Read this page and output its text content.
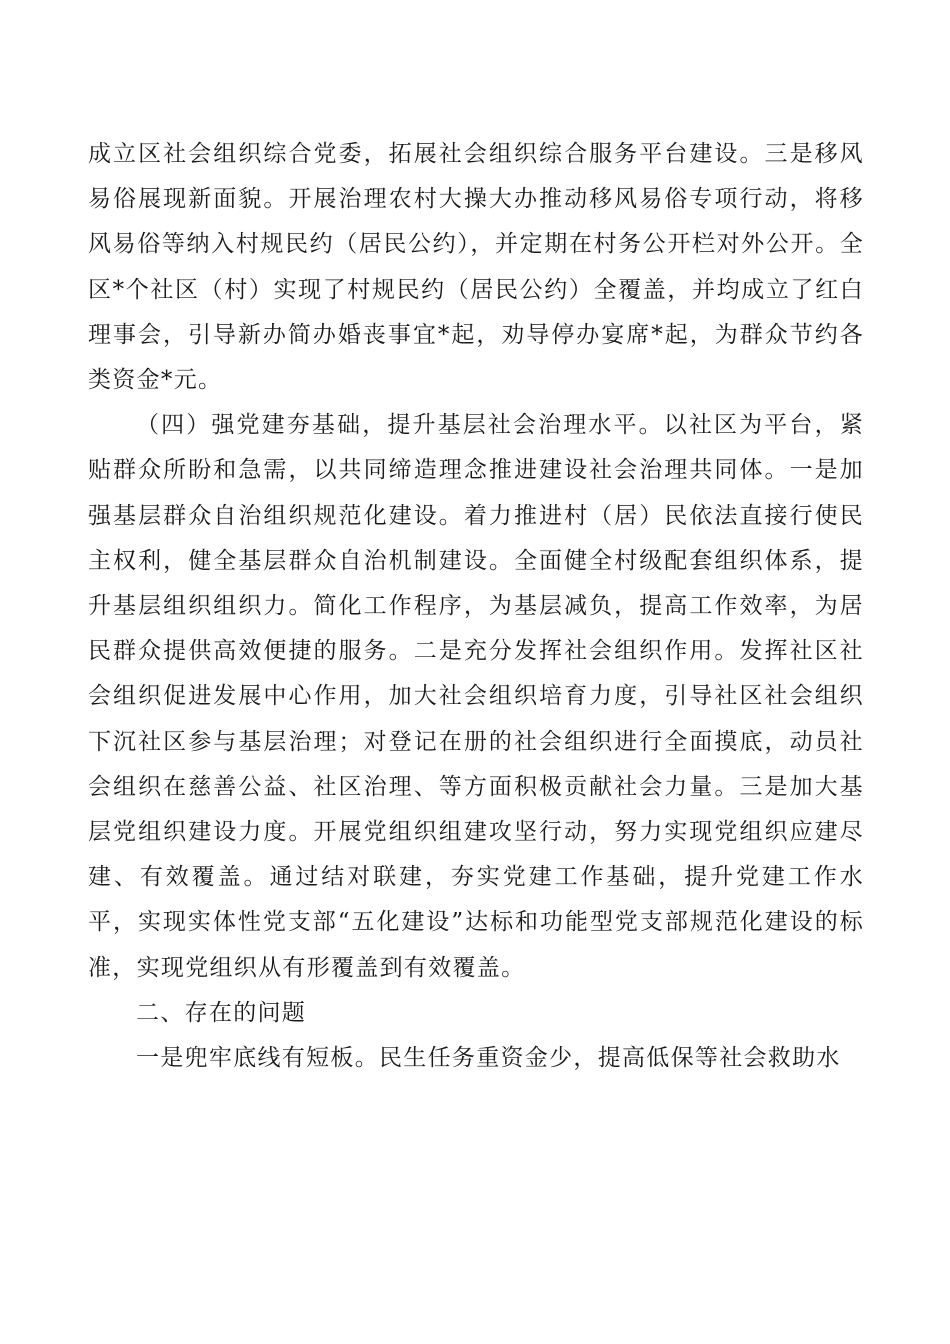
成立区社会组织综合党委，拓展社会组织综合服务平台建设。三是移风易俗展现新面貌。开展治理农村大操大办推动移风易俗专项行动，将移风易俗等纳入村规民约（居民公约），并定期在村务公开栏对外公开。全区*个社区（村）实现了村规民约（居民公约）全覆盖，并均成立了红白理事会，引导新办简办婚丧事宜*起，劝导停办宴席*起，为群众节约各类资金*元。

（四）强党建夯基础，提升基层社会治理水平。以社区为平台，紧贴群众所盼和急需，以共同缔造理念推进建设社会治理共同体。一是加强基层群众自治组织规范化建设。着力推进村（居）民依法直接行使民主权利，健全基层群众自治机制建设。全面健全村级配套组织体系，提升基层组织组织力。简化工作程序，为基层减负，提高工作效率，为居民群众提供高效便捷的服务。二是充分发挥社会组织作用。发挥社区社会组织促进发展中心作用，加大社会组织培育力度，引导社区社会组织下沉社区参与基层治理；对登记在册的社会组织进行全面摸底，动员社会组织在慈善公益、社区治理、等方面积极贡献社会力量。三是加大基层党组织建设力度。开展党组织组建攻坚行动，努力实现党组织应建尽建、有效覆盖。通过结对联建，夯实党建工作基础，提升党建工作水平，实现实体性党支部“五化建设”达标和功能型党支部规范化建设的标准，实现党组织从有形覆盖到有效覆盖。

二、存在的问题

一是兜牢底线有短板。民生任务重资金少，提高低保等社会救助水
